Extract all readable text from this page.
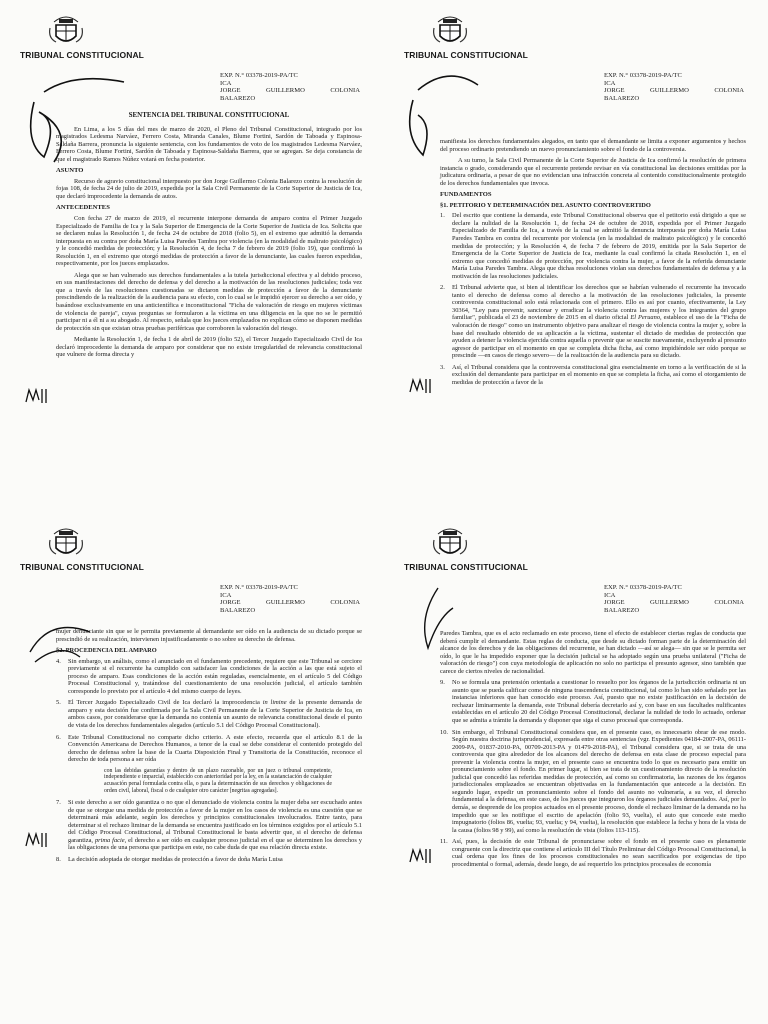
TRIBUNAL CONSTITUCIONAL
EXP. N.° 03378-2019-PA/TC
ICA
JORGE	GUILLERMO	COLONIA
BALAREZO
SENTENCIA DEL TRIBUNAL CONSTITUCIONAL

En Lima, a los 5 días del mes de marzo de 2020, el Pleno del Tribunal Constitucional, integrado por los magistrados Ledesma Narváez, Ferrero Costa, Miranda Canales, Blume Fortini, Sardón de Taboada y Espinosa-Saldaña Barrera, pronuncia la siguiente sentencia, con los fundamentos de voto de los magistrados Ledesma Narváez, Ferrero Costa, Blume Fortini, Sardón de Taboada y Espinosa-Saldaña Barrera, que se agregan. Se deja constancia de que el magistrado Ramos Núñez votará en fecha posterior.

ASUNTO

Recurso de agravio constitucional interpuesto por don Jorge Guillermo Colonia Balarezo contra la resolución de fojas 108, de fecha 24 de julio de 2019, expedida por la Sala Civil Permanente de la Corte Superior de Justicia de Ica, que declaró improcedente la demanda de autos.

ANTECEDENTES

Con fecha 27 de marzo de 2019, el recurrente interpone demanda de amparo contra el Primer Juzgado Especializado de Familia de Ica y la Sala Superior de Emergencia de la Corte Superior de Justicia de Ica. Solicita que se declaren nulas la Resolución 1, de fecha 24 de octubre de 2018 (folio 5), en el extremo que admitió la demanda interpuesta en su contra por doña María Luisa Paredes Tambra por violencia (en la modalidad de maltrato psicológico) y le concedió medidas de protección; y la Resolución 4, de fecha 7 de febrero de 2019 (folio 19), que confirmó la Resolución 1, en el extremo que otorgó medidas de protección a favor de la denunciante, las cuales fueron expedidas, respectivamente, por los jueces emplazados.

Alega que se han vulnerado sus derechos fundamentales a la tutela jurisdiccional efectiva y al debido proceso, en sus manifestaciones del derecho de defensa y del derecho a la motivación de las resoluciones judiciales; toda vez que a través de las resoluciones cuestionadas se dictaron medidas de protección a favor de la denunciante prescindiendo de la realización de la audiencia para su efecto, con lo cual se le impidió ejercer su derecho a ser oído, y basándose exclusivamente en una anticientífica e inconstitucional "Ficha de valoración de riesgo en mujeres víctimas de violencia de pareja", cuyas preguntas se formularon a la víctima en una diligencia en la que no se le permitió participar ni a él ni a su abogado. Al respecto, señala que los jueces emplazados no explican cómo se disponen medidas de protección sin que existan otras pruebas periféricas que corroboren la valoración del riesgo.

Mediante la Resolución 1, de fecha 1 de abril de 2019 (folio 52), el Tercer Juzgado Especializado Civil de Ica declaró improcedente la demanda de amparo por considerar que no existe irregularidad de relevancia constitucional que vulnere de forma directa y

TRIBUNAL CONSTITUCIONAL
EXP. N.° 03378-2019-PA/TC
ICA
JORGE	GUILLERMO	COLONIA
BALAREZO

manifiesta los derechos fundamentales alegados, en tanto que el demandante se limita a exponer argumentos y hechos del proceso ordinario pretendiendo un nuevo pronunciamiento sobre el fondo de la controversia.

A su turno, la Sala Civil Permanente de la Corte Superior de Justicia de Ica confirmó la resolución de primera instancia o grado, considerando que el recurrente pretende revisar en vía constitucional las decisiones emitidas por la judicatura ordinaria, a pesar de que no evidencian una infracción concreta al contenido constitucionalmente protegido de los derechos fundamentales que invoca.

FUNDAMENTOS
§1. PETITORIO Y DETERMINACIÓN DEL ASUNTO CONTROVERTIDO
1.	Del escrito que contiene la demanda, este Tribunal Constitucional observa que el petitorio está dirigido a que se declare la nulidad de la Resolución 1, de fecha 24 de octubre de 2018, expedida por el Primer Juzgado Especializado de Familia de Ica, a través de la cual se admitió la denuncia interpuesta por doña María Luisa Paredes Tambra en contra del recurrente por violencia (en la modalidad de maltrato psicológico) y le concedió medidas de protección; y la Resolución 4, de fecha 7 de febrero de 2019, emitida por la Sala Superior de Emergencia de la Corte Superior de Justicia de Ica, mediante la cual confirmó la citada Resolución 1, en el extremo que concedió medidas de protección, por violencia contra la mujer, a favor de la referida denunciante María Luisa Paredes Tambra. Alega que dichas resoluciones violan sus derechos fundamentales de defensa y a la motivación de las resoluciones judiciales.
2.	El Tribunal advierte que, si bien al identificar los derechos que se habrían vulnerado el recurrente ha invocado tanto el derecho de defensa como al derecho a la motivación de las resoluciones judiciales, la presente controversia constitucional solo está relacionada con el primero. Ello es así por cuanto, efectivamente, la Ley 30364, "Ley para prevenir, sancionar y erradicar la violencia contra las mujeres y los integrantes del grupo familiar", publicada el 23 de noviembre de 2015 en el diario oficial El Peruano, establece el uso de la "Ficha de valoración de riesgo" como un instrumento objetivo para analizar el riesgo de violencia contra la mujer y, sobre la base del resultado obtenido de su aplicación a la víctima, sustentar el dictado de medidas de protección que ayuden a detener la violencia ejercida contra aquella o prevenir que se suscite nuevamente, excluyendo al presunto agresor de participar en el momento en que se completa dicha ficha, así como impidiéndole ser oído porque se prescinde —en casos de riesgo severo— de la realización de la audiencia para su dictado.
3.	Así, el Tribunal considera que la controversia constitucional gira esencialmente en torno a la verificación de si la exclusión del demandante para participar en el momento en que se completa la ficha, así como el otorgamiento de medidas de protección a favor de la
TRIBUNAL CONSTITUCIONAL
EXP. N.° 03378-2019-PA/TC
ICA
JORGE	GUILLERMO	COLONIA
BALAREZO

mujer denunciante sin que se le permita previamente al demandante ser oído en la audiencia de su dictado porque se prescindió de su realización, intervienen injustificadamente o no sobre su derecho de defensa.

§2. PROCEDENCIA DEL AMPARO
4.	Sin embargo, un análisis, como el anunciado en el fundamento precedente, requiere que este Tribunal se cerciore previamente si el recurrente ha cumplido con satisfacer las condiciones de la acción a las que está sujeto el proceso de amparo. Esas condiciones de la acción están reguladas, esencialmente, en el artículo 5 del Código Procesal Constitucional y, tratándose del cuestionamiento de una resolución judicial, el artículo también corresponde lo previsto por el artículo 4 del mismo cuerpo de leyes.
5.	El Tercer Juzgado Especializado Civil de Ica declaró la improcedencia in limine de la presente demanda de amparo y esta decisión fue confirmada por la Sala Civil Permanente de la Corte Superior de Justicia de Ica, en ambos casos, por considerarse que la demanda no contenía un asunto de relevancia constitucional desde el punto de vista de los derechos fundamentales alegados (artículo 5.1 del Código Procesal Constitucional).
6.	Este Tribunal Constitucional no comparte dicho criterio. A este efecto, recuerda que el artículo 8.1 de la Convención Americana de Derechos Humanos, a tenor de la cual se debe considerar el contenido protegido del derecho de defensa sobre la base de la Cuarta Disposición Final y Transitoria de la Constitución, reconoce el derecho de toda persona a ser oída
con las debidas garantías y dentro de un plazo razonable, por un juez o tribunal competente, independiente e imparcial, establecido con anterioridad por la ley, en la sustanciación de cualquier acusación penal formulada contra ella, o para la determinación de sus derechos y obligaciones de orden civil, laboral, fiscal o de cualquier otro carácter [negritas agregadas].
7.	Si este derecho a ser oído garantiza o no que el denunciado de violencia contra la mujer deba ser escuchado antes de que se otorgue una medida de protección a favor de la mujer en los casos de violencia es una cuestión que se determinará más adelante, según los derechos y principios constitucionales involucrados. Entre tanto, para determinar si el rechazo liminar de la demanda se encuentra justificado en los términos exigidos por el artículo 5.1 del Código Procesal Constitucional, al Tribunal Constitucional le basta advertir que, si el derecho de defensa garantiza, prima facie, el derecho a ser oído en cualquier proceso judicial en el que se determinen los derechos y las obligaciones de una persona que participa en este, no cabe duda de que esa relación directa existe.
8.	La decisión adoptada de otorgar medidas de protección a favor de doña María Luisa
TRIBUNAL CONSTITUCIONAL
EXP. N.° 03378-2019-PA/TC
ICA
JORGE	GUILLERMO	COLONIA
BALAREZO

Paredes Tambra, que es el acto reclamado en este proceso, tiene el efecto de establecer ciertas reglas de conducta que deberá cumplir el demandante. Estas reglas de conducta, que desde su dictado forman parte de la determinación del alcance de los derechos y de las obligaciones del recurrente, se han dictado —así se alega— sin que se le permita ser oído, lo que le ha impedido exponer que la decisión judicial se ha adoptado según una prueba unilateral ("Ficha de valoración de riesgo") con cuya metodología de aplicación no solo no participa el presunto agresor, sino también que carece de ciertos niveles de racionalidad.

9.	No se formula una pretensión orientada a cuestionar lo resuelto por los órganos de la jurisdicción ordinaria ni un asunto que se pueda calificar como de ninguna trascendencia constitucional, tal como lo han sido señalado por las instancias inferiores que han conocido este proceso. Así, puesto que no existe justificación en la decisión de rechazar liminarmente la demanda, este Tribunal debería decretarlo así y, con base en sus facultades nulificantes establecidas en el artículo 20 del Código Procesal Constitucional, declarar la nulidad de todo lo actuado, ordenar que se admita a trámite la demanda y disponer que siga el curso procesal que corresponda.
10. Sin embargo, el Tribunal Constitucional considera que, en el presente caso, es innecesario obrar de ese modo. Según nuestra doctrina jurisprudencial, expresada entre otras sentencias (vgr. Expedientes 04184-2007-PA, 06111-2009-PA, 01837-2010-PA, 00709-2013-PA y 01479-2018-PA), el Tribunal considera que, si se trata de una controversia que gira alrededor de los alcances del derecho de defensa en esta clase de proceso especial para prevenir la violencia contra la mujer, en el presente caso se encuentra todo lo que es necesario para emitir un pronunciamiento sobre el fondo. En primer lugar, si bien se trata de un cuestionamiento directo de la resolución judicial que concedió las referidas medidas de protección, así como su confirmatoria, las razones de los órganos jurisdiccionales emplazados se encuentran objetivadas en la fundamentación que antecede a la decisión. En segundo lugar, expedir un pronunciamiento sobre el fondo del asunto no vulneraría, a su vez, el derecho fundamental a la defensa, en este caso, de los jueces que integraron los órganos judiciales demandados. Así, por lo demás, se desprende de los propios actuados en el presente proceso, donde el rechazo liminar de la demanda no ha impedido que se les notifique el escrito de apelación (folio 93, vuelta), el auto que concede este medio impugnatorio (folios 86, vuelta; 93, vuelta; y 94, vuelta), la resolución que establece la fecha y hora de la vista de la causa (folios 98 y 99), así como la resolución de vista (folios 113-115).
11. Así, pues, la decisión de este Tribunal de pronunciarse sobre el fondo en el presente caso es plenamente congruente con la directriz que contiene el artículo III del Título Preliminar del Código Procesal Constitucional, la cual ordena que los fines de los procesos constitucionales no sean sacrificados por exigencias de tipo procedimental o formal, además, desde luego, de así requerirlo los principios procesales de economía
